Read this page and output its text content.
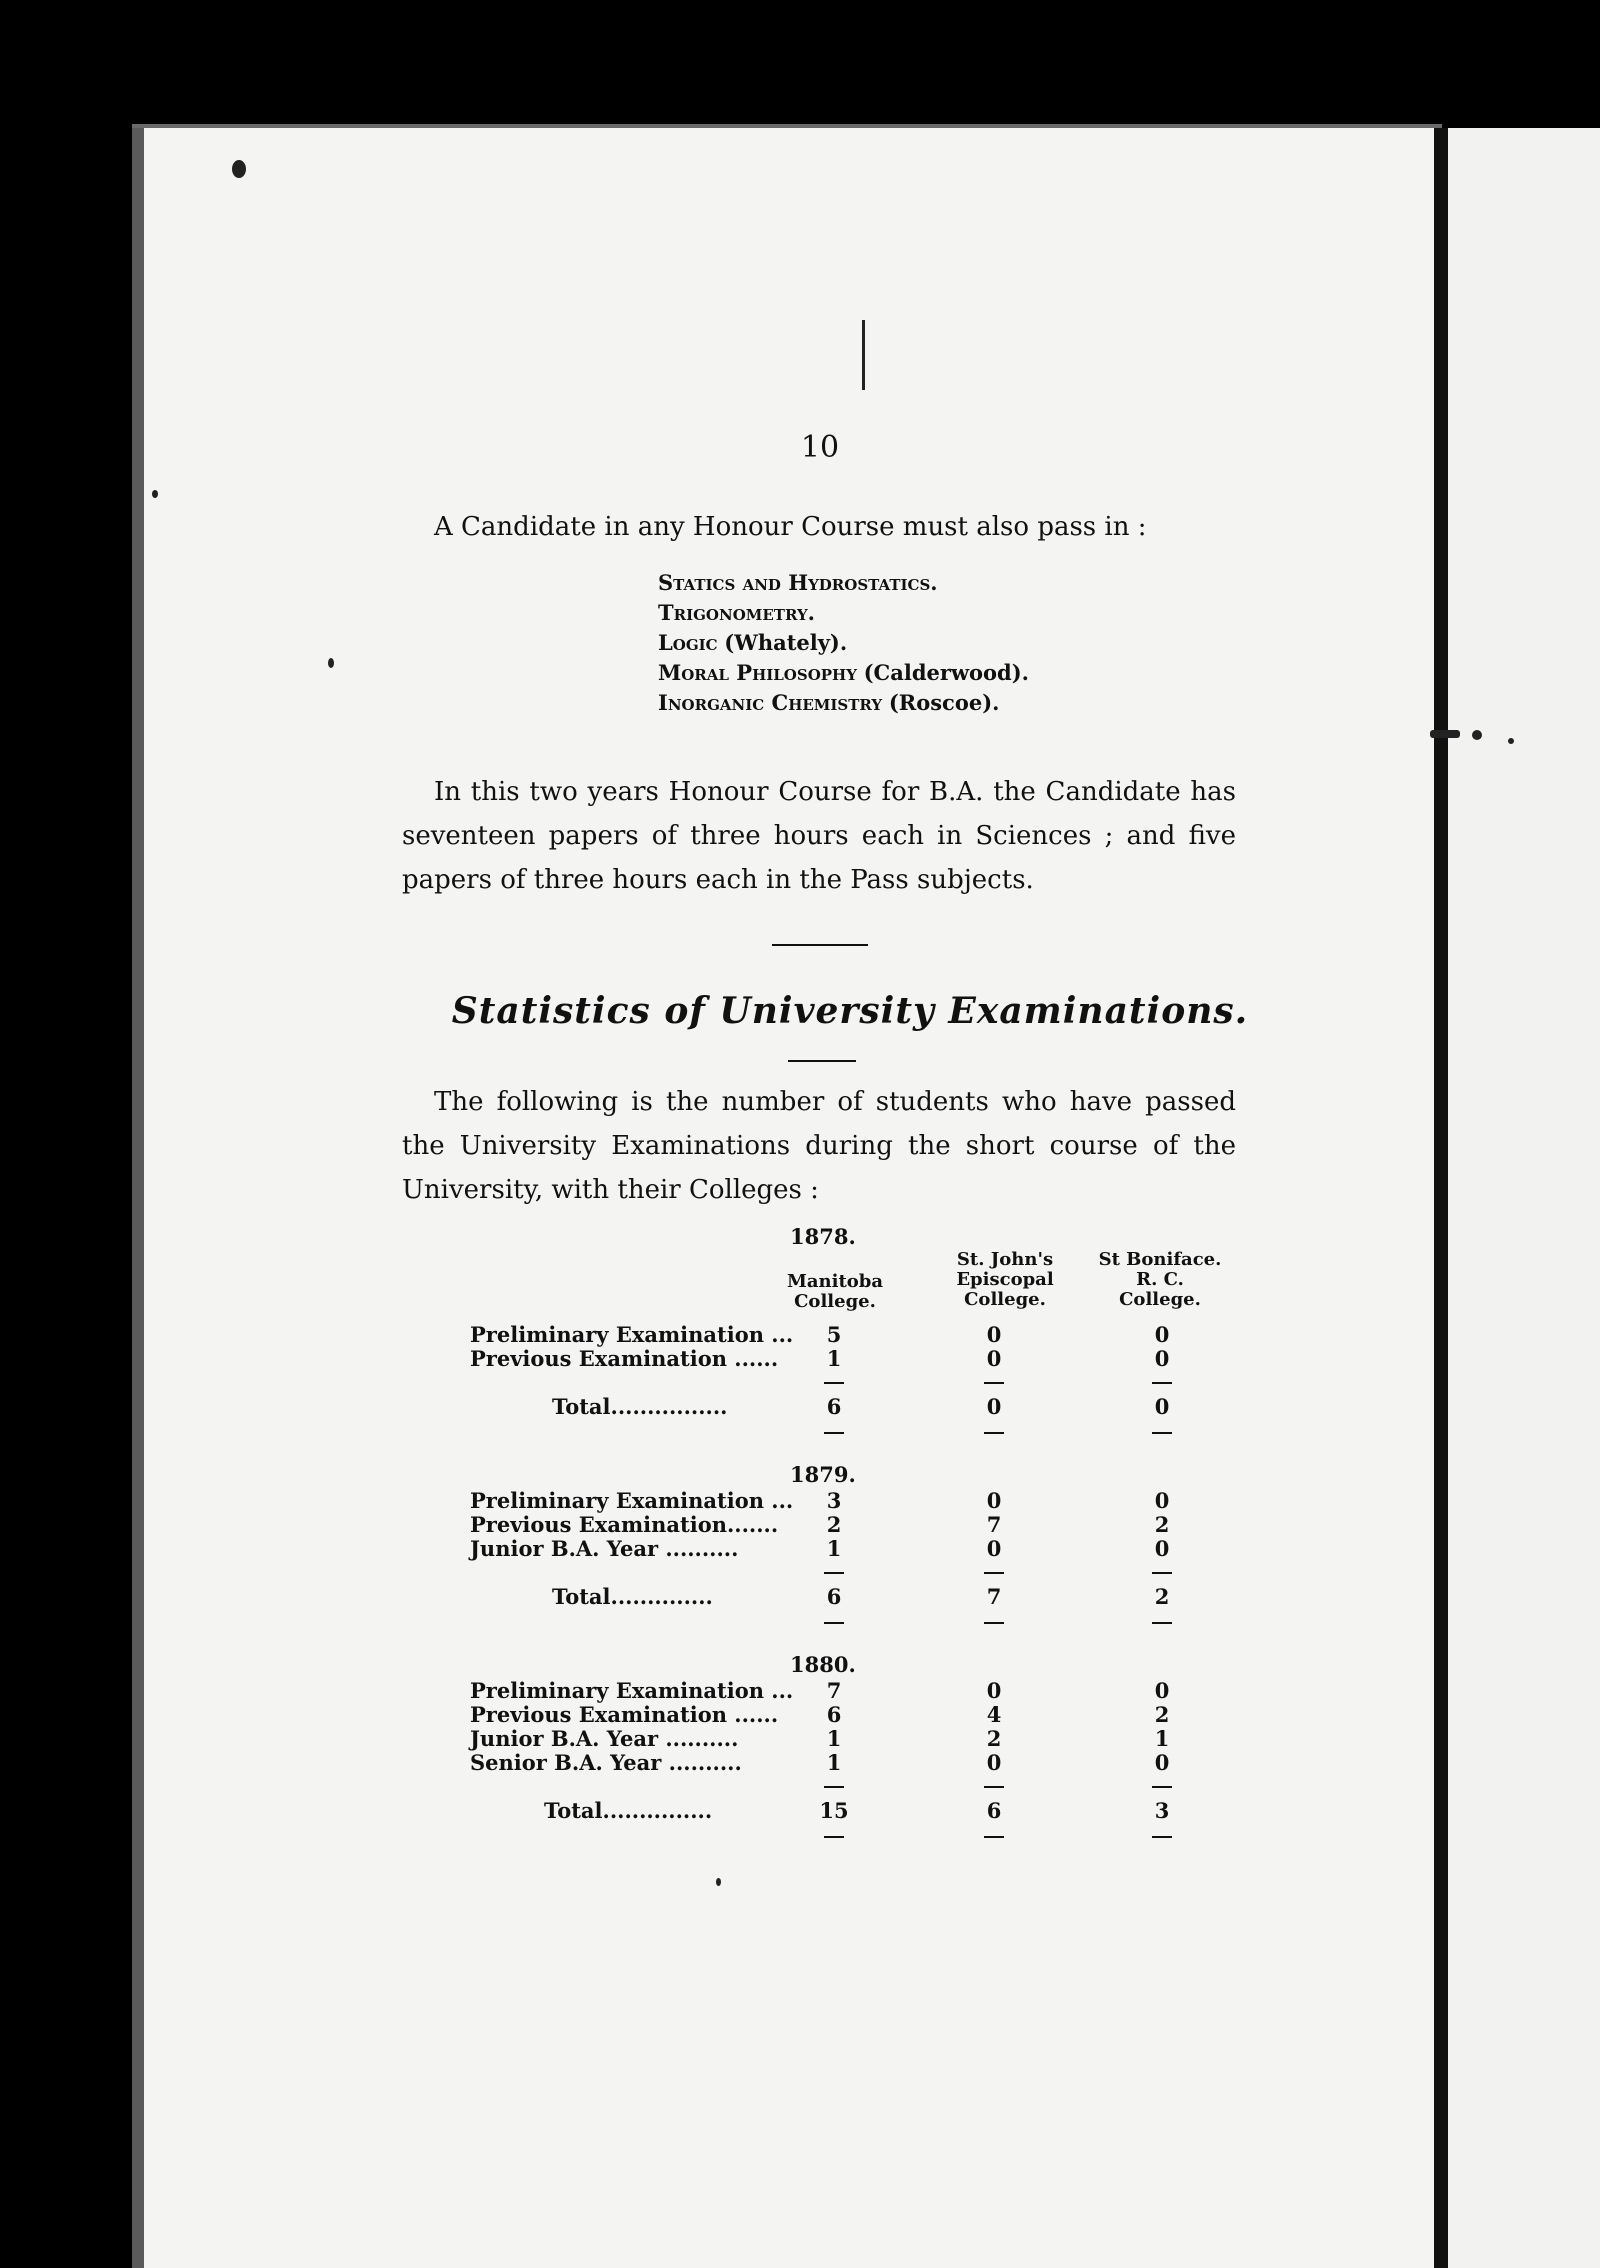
10
A Candidate in any Honour Course must also pass in :
Statics and Hydrostatics.
Trigonometry.
Logic (Whately).
Moral Philosophy (Calderwood).
Inorganic Chemistry (Roscoe).
In this two years Honour Course for B.A. the Candidate has seventeen papers of three hours each in Sciences ; and five papers of three hours each in the Pass subjects.
Statistics of University Examinations.
The following is the number of students who have passed the University Examinations during the short course of the University, with their Colleges :
1878.
Manitoba
College.
St. John's
Episcopal
College.
St Boniface.
R. C.
College.
Preliminary Examination ...	5	0	0
Previous Examination ......	1	0	0
Total................	6	0	0
1879.
Preliminary Examination ...	3	0	0
Previous Examination.......	2	7	2
Junior B.A. Year ..........	1	0	0
Total..............	6	7	2
1880.
Preliminary Examination ...	7	0	0
Previous Examination ......	6	4	2
Junior B.A. Year ..........	1	2	1
Senior B.A. Year ..........	1	0	0
Total...............	15	6	3
